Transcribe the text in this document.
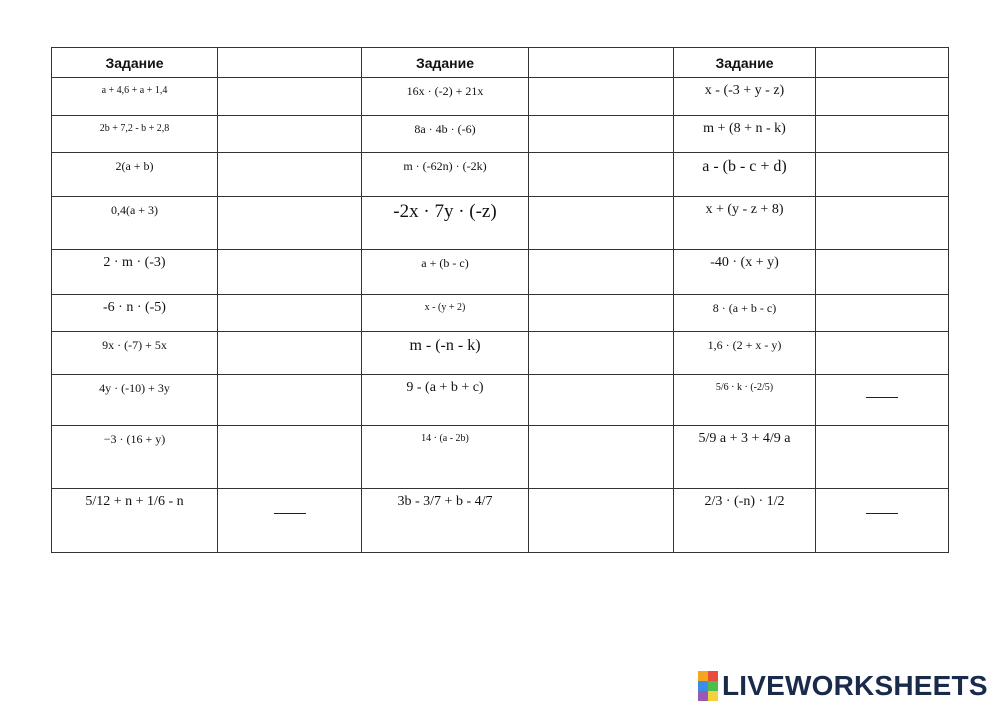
Задание		Задание		Задание	
a + 4,6 + a + 1,4		16x · (-2) + 21x		x - (-3 + y - z)	
2b + 7,2 - b + 2,8		8a · 4b · (-6)		m + (8 + n - k)	
2(a + b)		m · (-62n) · (-2k)		a - (b - c + d)	
0,4(a + 3)		-2x · 7y · (-z)		x + (y - z + 8)	
2 · m · (-3)		a + (b - c)		-40 · (x + y)	
-6 · n · (-5)		x - (y + 2)		8 · (a + b - c)	
9x · (-7) + 5x		m - (-n - k)		1,6 · (2 + x - y)	
4y · (-10) + 3y		9 - (a + b + c)		5/6 · k · (-2/5)	

−3 · (16 + y)		14 · (a - 2b)		5/9 a + 3 + 4/9 a	
5/12 + n + 1/6 - n		3b - 3/7 + b - 4/7		2/3 · (-n) · 1/2	
LIVEWORKSHEETS
